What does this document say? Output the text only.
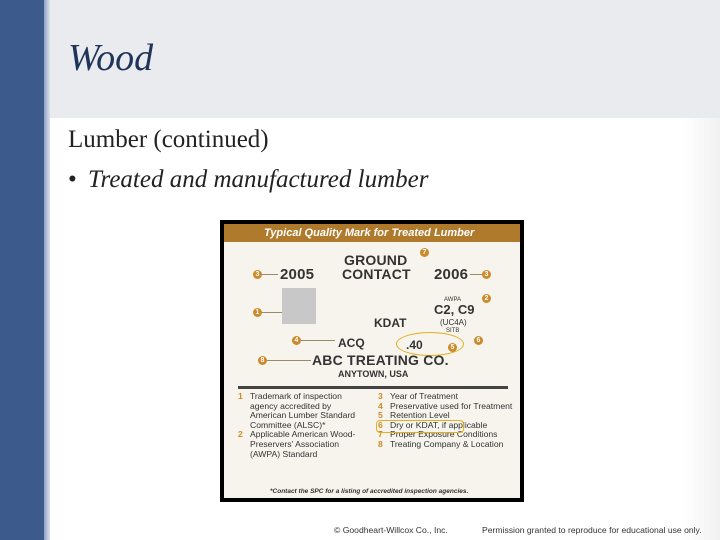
Wood
Lumber (continued)
• Treated and manufactured lumber
Typical Quality Mark for Treated Lumber
2005
GROUND
CONTACT 2006
AWPA
C2, C9
(UC4A)
SITB
KDAT
ACQ	.40
ABC TREATING CO.
ANYTOWN, USA
3
1
7
3
2
4
5
6
8
1 Trademark of inspection agency accredited by American Lumber Standard Committee (ALSC)*
2 Applicable American Wood-Preservers' Association (AWPA) Standard
3 Year of Treatment
4 Preservative used for Treatment
5 Retention Level
6 Dry or KDAT, if applicable
7 Proper Exposure Conditions
8 Treating Company & Location
*Contact the SPC for a listing of accredited inspection agencies.
© Goodheart-Willcox Co., Inc.	Permission granted to reproduce for educational use only.
